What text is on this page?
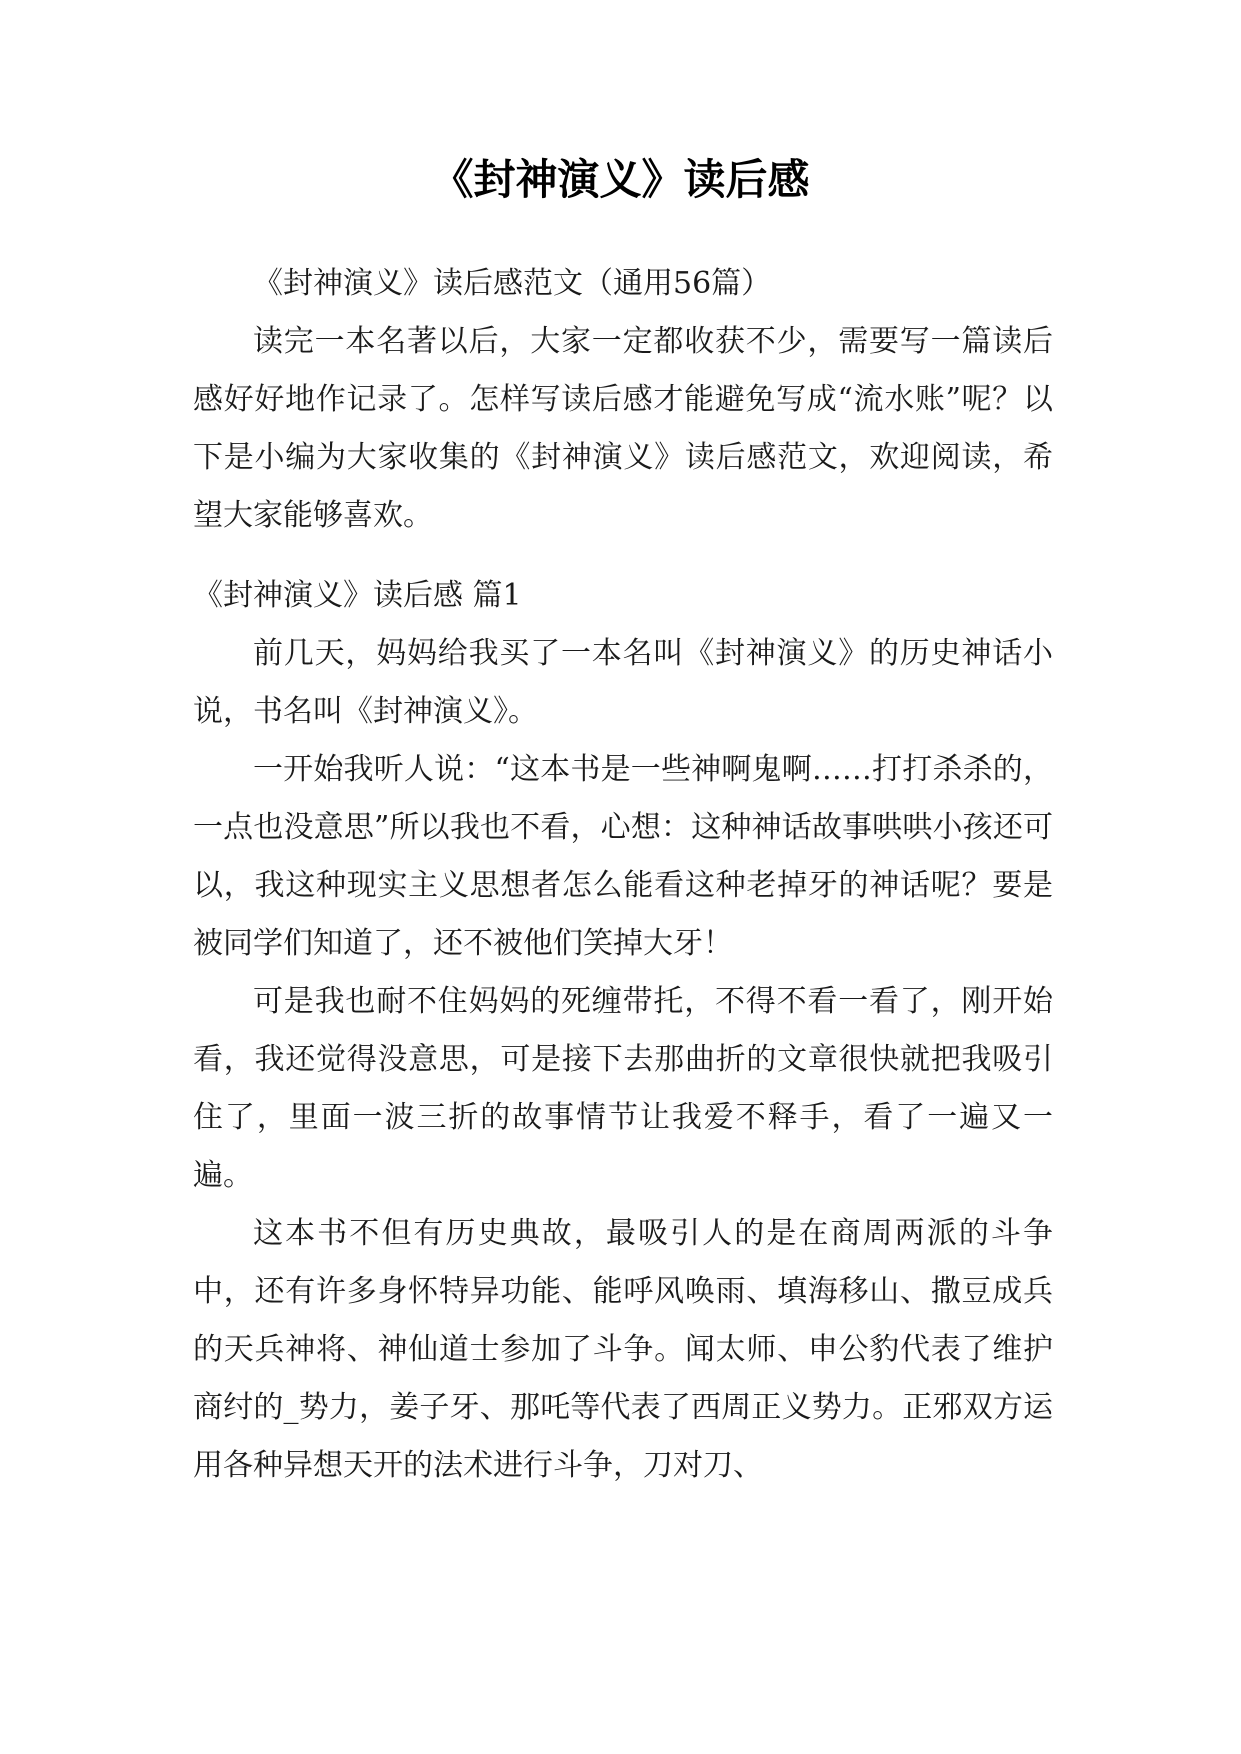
《封神演义》读后感

《封神演义》读后感范文（通用56篇）

读完一本名著以后，大家一定都收获不少，需要写一篇读后感好好地作记录了。怎样写读后感才能避免写成“流水账”呢？以下是小编为大家收集的《封神演义》读后感范文，欢迎阅读，希望大家能够喜欢。

《封神演义》读后感 篇1

前几天，妈妈给我买了一本名叫《封神演义》的历史神话小说，书名叫《封神演义》。

一开始我听人说：“这本书是一些神啊鬼啊……打打杀杀的，一点也没意思”所以我也不看，心想：这种神话故事哄哄小孩还可以，我这种现实主义思想者怎么能看这种老掉牙的神话呢？要是被同学们知道了，还不被他们笑掉大牙！

可是我也耐不住妈妈的死缠带托，不得不看一看了，刚开始看，我还觉得没意思，可是接下去那曲折的文章很快就把我吸引住了，里面一波三折的故事情节让我爱不释手，看了一遍又一遍。

这本书不但有历史典故，最吸引人的是在商周两派的斗争中，还有许多身怀特异功能、能呼风唤雨、填海移山、撒豆成兵的天兵神将、神仙道士参加了斗争。闻太师、申公豹代表了维护商纣的_势力，姜子牙、那吒等代表了西周正义势力。正邪双方运用各种异想天开的法术进行斗争，刀对刀、
